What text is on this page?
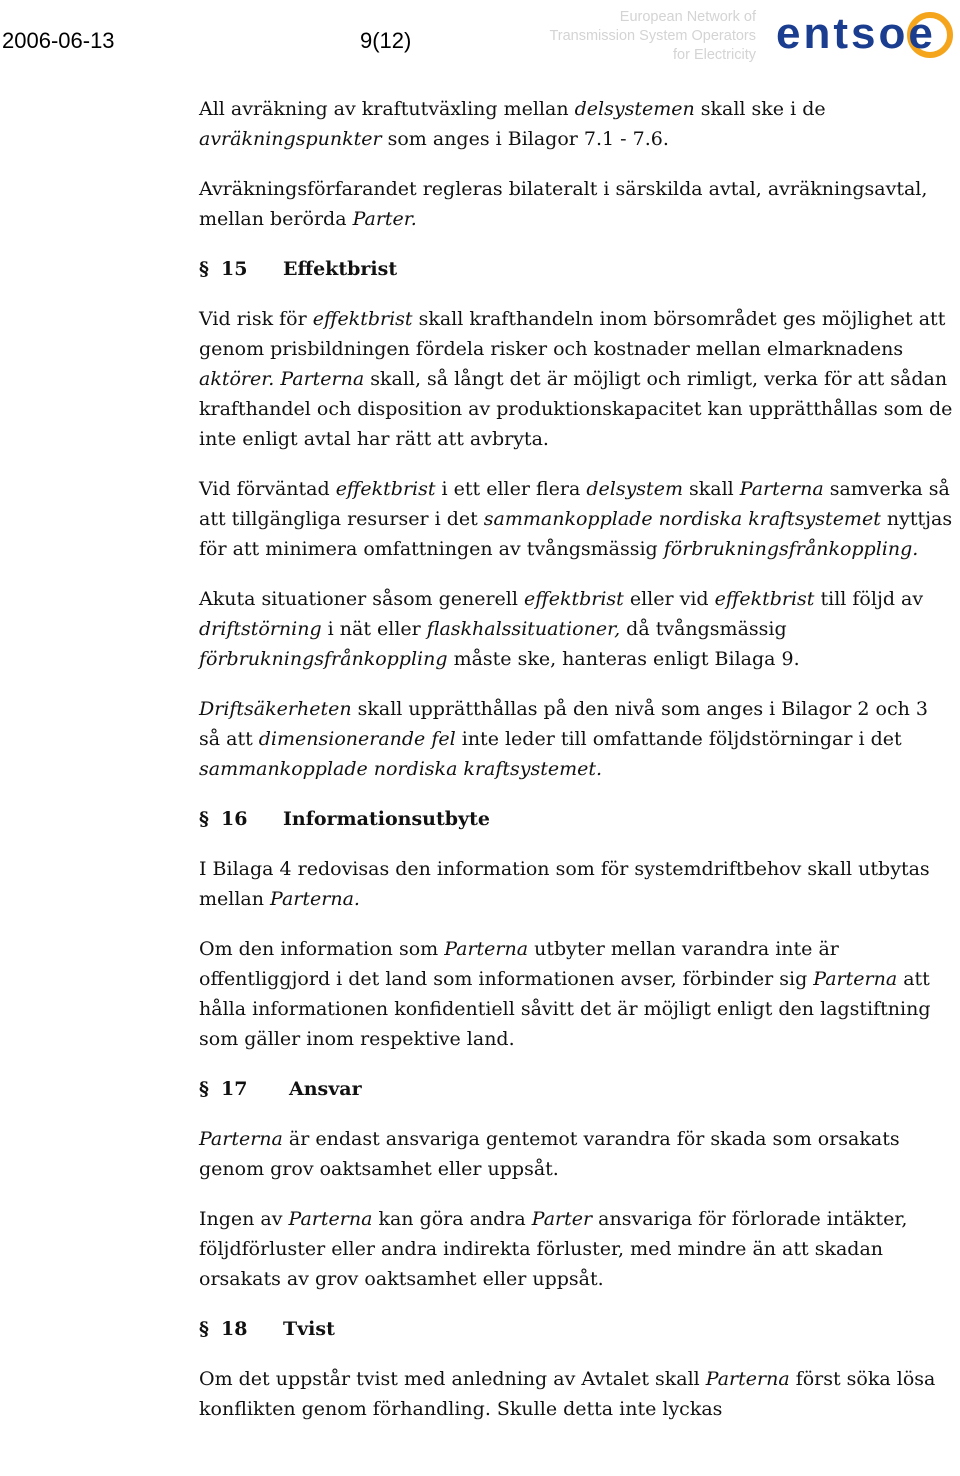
2006-06-13	9(12)
European Network of
Transmission System Operators
for Electricity entsoe

All avräkning av kraftutväxling mellan delsystemen skall ske i de avräkningspunkter som anges i Bilagor 7.1 - 7.6.

Avräkningsförfarandet regleras bilateralt i särskilda avtal, avräkningsavtal, mellan berörda Parter.

§ 15	Effektbrist

Vid risk för effektbrist skall krafthandeln inom börsområdet ges möjlighet att genom prisbildningen fördela risker och kostnader mellan elmarknadens aktörer. Parterna skall, så långt det är möjligt och rimligt, verka för att sådan krafthandel och disposition av produktionskapacitet kan upprätthållas som de inte enligt avtal har rätt att avbryta.

Vid förväntad effektbrist i ett eller flera delsystem skall Parterna samverka så att tillgängliga resurser i det sammankopplade nordiska kraftsystemet nyttjas för att minimera omfattningen av tvångsmässig förbrukningsfrånkoppling.

Akuta situationer såsom generell effektbrist eller vid effektbrist till följd av driftstörning i nät eller flaskhalssituationer, då tvångsmässig förbrukningsfrånkoppling måste ske, hanteras enligt Bilaga 9.

Driftsäkerheten skall upprätthållas på den nivå som anges i Bilagor 2 och 3 så att dimensionerande fel inte leder till omfattande följdstörningar i det sammankopplade nordiska kraftsystemet.

§ 16	Informationsutbyte

I Bilaga 4 redovisas den information som för systemdriftbehov skall utbytas mellan Parterna.

Om den information som Parterna utbyter mellan varandra inte är offentliggjord i det land som informationen avser, förbinder sig Parterna att hålla informationen konfidentiell såvitt det är möjligt enligt den lagstiftning som gäller inom respektive land.

§ 17	Ansvar

Parterna är endast ansvariga gentemot varandra för skada som orsakats genom grov oaktsamhet eller uppsåt.

Ingen av Parterna kan göra andra Parter ansvariga för förlorade intäkter, följdförluster eller andra indirekta förluster, med mindre än att skadan orsakats av grov oaktsamhet eller uppsåt.

§ 18	Tvist

Om det uppstår tvist med anledning av Avtalet skall Parterna först söka lösa konflikten genom förhandling. Skulle detta inte lyckas
